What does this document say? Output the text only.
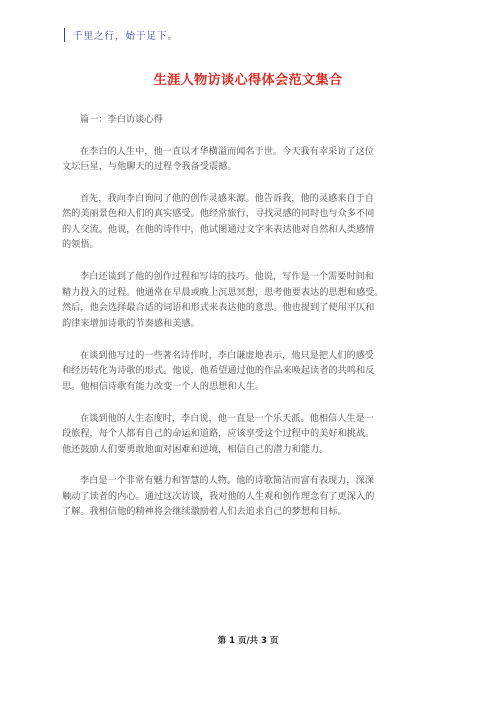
千里之行，始于足下。
生涯人物访谈心得体会范文集合
篇一：李白访谈心得
在李白的人生中，他一直以才华横溢而闻名于世。今天我有幸采访了这位
文坛巨星，与他聊天的过程令我备受震撼。
首先，我向李白询问了他的创作灵感来源。他告诉我，他的灵感来自于自
然的美丽景色和人们的真实感受。他经常旅行，寻找灵感的同时也与众多不同
的人交流。他说，在他的诗作中，他试图通过文字来表达他对自然和人类感情
的领悟。
李白还谈到了他的创作过程和写诗的技巧。他说，写作是一个需要时间和
精力投入的过程。他通常在早晨或晚上沉思冥想，思考他要表达的思想和感受。
然后，他会选择最合适的词语和形式来表达他的意思。他也提到了使用平仄和
韵律来增加诗歌的节奏感和美感。
在谈到他写过的一些著名诗作时，李白谦虚地表示，他只是把人们的感受
和经历转化为诗歌的形式。他说，他希望通过他的作品来唤起读者的共鸣和反
思。他相信诗歌有能力改变一个人的思想和人生。
在谈到他的人生态度时，李白说，他一直是一个乐天派。他相信人生是一
段旅程，每个人都有自己的命运和道路，应该享受这个过程中的美好和挑战。
他还鼓励人们要勇敢地面对困难和逆境，相信自己的潜力和能力。
李白是一个非常有魅力和智慧的人物。他的诗歌简洁而富有表现力，深深
触动了读者的内心。通过这次访谈，我对他的人生观和创作理念有了更深入的
了解。我相信他的精神将会继续激励着人们去追求自己的梦想和目标。
第 1 页/共 3 页
